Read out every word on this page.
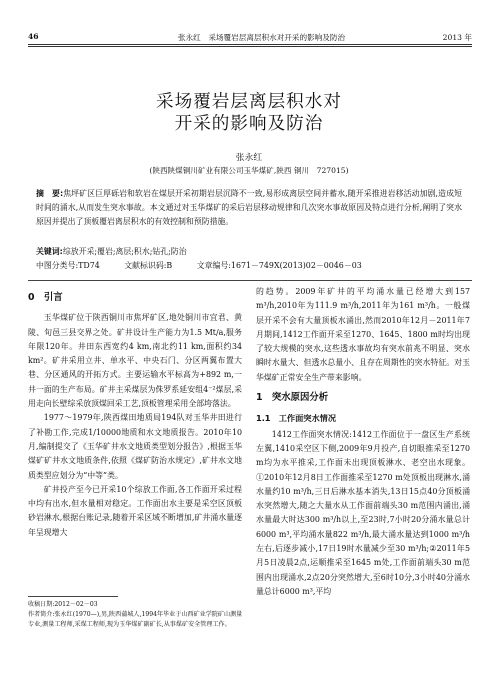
46	张永红　采场覆岩层离层积水对开采的影响及防治	2013 年
采场覆岩层离层积水对
开采的影响及防治
张永红
(陕西陕煤铜川矿业有限公司玉华煤矿,陕西 铜川　727015)
摘　要:焦坪矿区巨厚砾岩和软岩在煤层开采初期岩层沉降不一致,易形成离层空间并蓄水,随开采推进岩移活动加剧,造成短时间的涌水,从而发生突水事故。本文通过对玉华煤矿的采后岩层移动规律和几次突水事故原因及特点进行分析,阐明了突水原因并提出了顶板覆岩离层积水的有效控制和预防措施。
关键词:综放开采;覆岩;离层;积水;钻孔;防治
中图分类号:TD74	文献标识码:B	文章编号:1671－749X(2013)02－0046－03
0　引言

玉华煤矿位于陕西铜川市焦坪矿区,地处铜川市宜君、黄陵、旬邑三县交界之处。矿井设计生产能力为1.5 Mt/a,服务年限120年。井田东西宽约4 km,南北约11 km,面积约34 km²。矿井采用立井、单水平、中央石门、分区两翼布置大巷、分区通风的开拓方式。主要运输水平标高为+892 m,一井一面的生产布局。矿井主采煤层为侏罗系延安组4⁻²煤层,采用走向长壁综采放顶煤回采工艺,顶板管理采用全部垮落法。

1977～1979年,陕西煤田地质局194队对玉华井田进行了补勘工作,完成1/10000地质和水文地质报告。2010年10月,编制提交了《玉华矿井水文地质类型划分报告》,根据玉华煤矿矿井水文地质条件,依照《煤矿防治水规定》,矿井水文地质类型应划分为“中等”类。

矿井投产至今已开采10个综放工作面,各工作面开采过程中均有出水,但水量相对稳定。工作面出水主要是采空区顶板砂岩淋水,根据台账记录,随着开采区域不断增加,矿井涌水量逐年呈现增大

收稿日期:2012－02－03
作者简介:张永红(1970—),男,陕西蒲城人,1994年毕业于山西矿业学院矿山测量专业,测量工程师,采煤工程师,现为玉华煤矿副矿长,从事煤矿安全管理工作。

的趋势。2009年矿井的平均涌水量已经增大到157 m³/h,2010年为111.9 m³/h,2011年为161 m³/h。一般煤层开采不会有大量顶板水涌出,然而2010年12月－2011年7月期间,1412工作面开采至1270、1645、1800 m时均出现了较大规模的突水,这些透水事故均有突水前兆不明显、突水瞬时水量大、但透水总量小、且存在周期性的突水特征。对玉华煤矿正常安全生产带来影响。

1　突水原因分析
1.1　工作面突水情况

1412工作面突水情况:1412工作面位于一盘区生产系统左翼,1410采空区下侧,2009年9月投产,自切眼推采至1270 m均为水平推采,工作面未出现顶板淋水、老空出水现象。①2010年12月8日工作面推采至1270 m处顶板出现淋水,涌水量约10 m³/h,三日后淋水基本消失,13日15点40分顶板涌水突然增大,随之大量水从工作面前端头30 m范围内涌出,涌水量最大时达300 m³/h以上,至23时,7小时20分涌水量总计6000 m³,平均涌水量822 m³/h,最大涌水量达到1000 m³/h左右,后逐步减小,17日19时水量减少至30 m³/h;②2011年5月5日凌晨2点,运顺推采至1645 m处,工作面前端头30 m范围内出现涌水,2点20分突然增大,至6时10分,3小时40分涌水量总计6000 m³,平均
